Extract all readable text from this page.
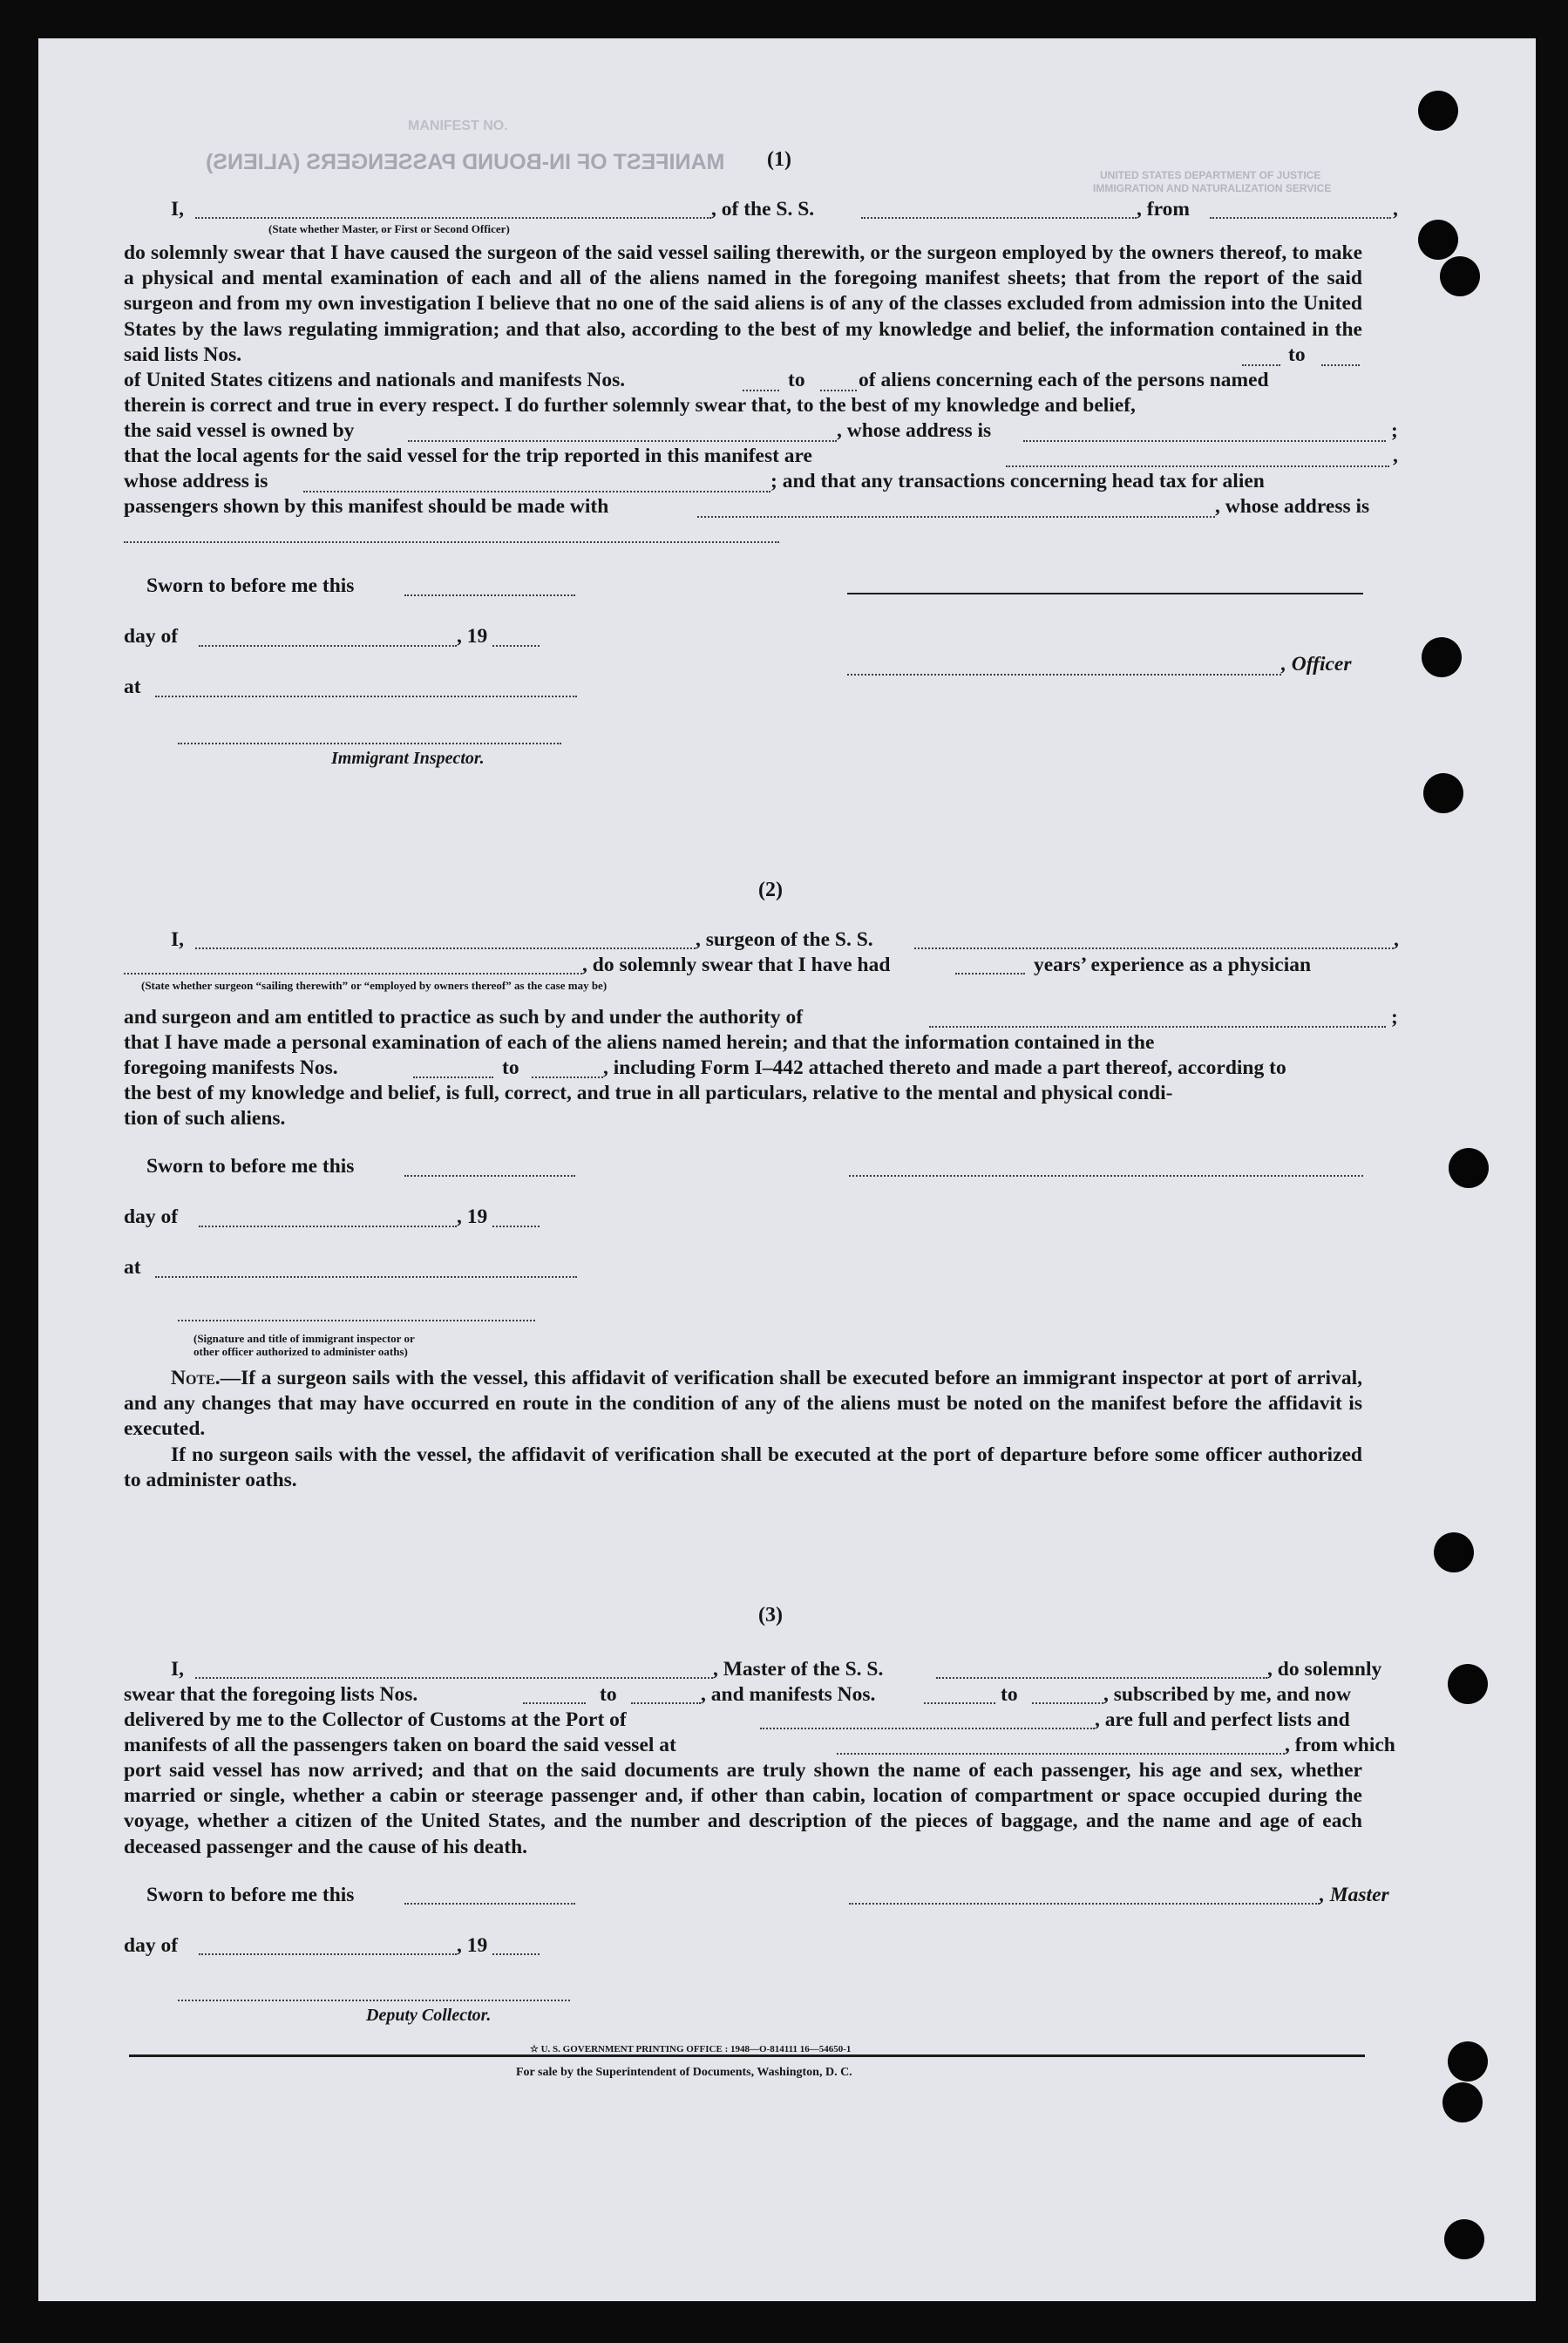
MANIFEST NO.
MANIFEST OF IN-BOUND PASSENGERS (ALIENS)
UNITED STATES DEPARTMENT OF JUSTICE
IMMIGRATION AND NATURALIZATION SERVICE
(1)
I,	, of the S. S.	, from	,
(State whether Master, or First or Second Officer)

do solemnly swear that I have caused the surgeon of the said vessel sailing therewith, or the surgeon employed by the owners thereof, to make a physical and mental examination of each and all of the aliens named in the foregoing manifest sheets; that from the report of the said surgeon and from my own investigation I believe that no one of the said aliens is of any of the classes excluded from admission into the United States by the laws regulating immigration; and that also, according to the best of my knowledge and belief, the information contained in the said lists Nos.	to
of United States citizens and nationals and manifests Nos.	to	of aliens concerning each of the persons named
therein is correct and true in every respect. I do further solemnly swear that, to the best of my knowledge and belief,
the said vessel is owned by	, whose address is	;
that the local agents for the said vessel for the trip reported in this manifest are	,
whose address is	; and that any transactions concerning head tax for alien
passengers shown by this manifest should be made with	, whose address is
Sworn to before me this
day of	, 19
, Officer
at
Immigrant Inspector.
(2)
I,	, surgeon of the S. S.	,
, do solemnly swear that I have had	years’ experience as a physician
(State whether surgeon “sailing therewith” or “employed by owners thereof” as the case may be)
and surgeon and am entitled to practice as such by and under the authority of	;
that I have made a personal examination of each of the aliens named herein; and that the information contained in the
foregoing manifests Nos.	to	, including Form I–442 attached thereto and made a part thereof, according to
the best of my knowledge and belief, is full, correct, and true in all particulars, relative to the mental and physical condi-
tion of such aliens.
Sworn to before me this
day of	, 19
at
(Signature and title of immigrant inspector or
other officer authorized to administer oaths)

Note.—If a surgeon sails with the vessel, this affidavit of verification shall be executed before an immigrant inspector at port of arrival, and any changes that may have occurred en route in the condition of any of the aliens must be noted on the manifest before the affidavit is executed.

If no surgeon sails with the vessel, the affidavit of verification shall be executed at the port of departure before some officer authorized to administer oaths.

(3)
I,	, Master of the S. S.	, do solemnly
swear that the foregoing lists Nos.	to	, and manifests Nos.	to	, subscribed by me, and now
delivered by me to the Collector of Customs at the Port of	, are full and perfect lists and
manifests of all the passengers taken on board the said vessel at	, from which

port said vessel has now arrived; and that on the said documents are truly shown the name of each passenger, his age and sex, whether married or single, whether a cabin or steerage passenger and, if other than cabin, location of compartment or space occupied during the voyage, whether a citizen of the United States, and the number and description of the pieces of baggage, and the name and age of each deceased passenger and the cause of his death.

Sworn to before me this	, Master
day of	, 19
Deputy Collector.
☆ U. S. GOVERNMENT PRINTING OFFICE : 1948—O-814111 16—54650-1
For sale by the Superintendent of Documents, Washington, D. C.
